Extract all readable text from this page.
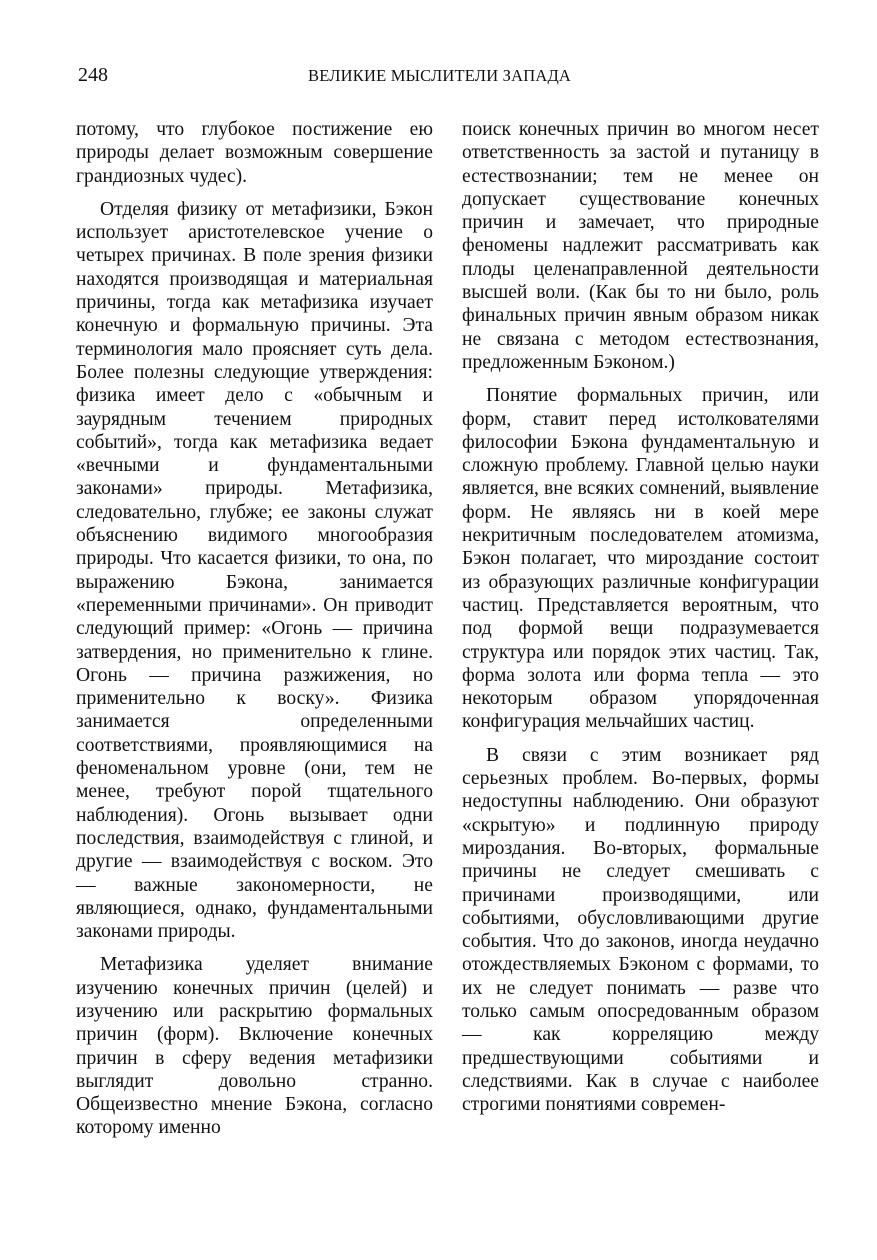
248	ВЕЛИКИЕ МЫСЛИТЕЛИ ЗАПАДА

потому, что глубокое постижение ею природы делает возможным совершение грандиозных чудес).

Отделяя физику от метафизики, Бэкон использует аристотелевское учение о четырех причинах. В поле зрения физики находятся производящая и материальная причины, тогда как метафизика изучает конечную и формальную причины. Эта терминология мало проясняет суть дела. Более полезны следующие утверждения: физика имеет дело с «обычным и заурядным течением природных событий», тогда как метафизика ведает «вечными и фундаментальными законами» природы. Метафизика, следовательно, глубже; ее законы служат объяснению видимого многообразия природы. Что касается физики, то она, по выражению Бэкона, занимается «переменными причинами». Он приводит следующий пример: «Огонь — причина затвердения, но применительно к глине. Огонь — причина разжижения, но применительно к воску». Физика занимается определенными соответствиями, проявляющимися на феноменальном уровне (они, тем не менее, требуют порой тщательного наблюдения). Огонь вызывает одни последствия, взаимодействуя с глиной, и другие — взаимодействуя с воском. Это — важные закономерности, не являющиеся, однако, фундаментальными законами природы.

Метафизика уделяет внимание изучению конечных причин (целей) и изучению или раскрытию формальных причин (форм). Включение конечных причин в сферу ведения метафизики выглядит довольно странно. Общеизвестно мнение Бэкона, согласно которому именно

поиск конечных причин во многом несет ответственность за застой и путаницу в естествознании; тем не менее он допускает существование конечных причин и замечает, что природные феномены надлежит рассматривать как плоды целенаправленной деятельности высшей воли. (Как бы то ни было, роль финальных причин явным образом никак не связана с методом естествознания, предложенным Бэконом.)

Понятие формальных причин, или форм, ставит перед истолкователями философии Бэкона фундаментальную и сложную проблему. Главной целью науки является, вне всяких сомнений, выявление форм. Не являясь ни в коей мере некритичным последователем атомизма, Бэкон полагает, что мироздание состоит из образующих различные конфигурации частиц. Представляется вероятным, что под формой вещи подразумевается структура или порядок этих частиц. Так, форма золота или форма тепла — это некоторым образом упорядоченная конфигурация мельчайших частиц.

В связи с этим возникает ряд серьезных проблем. Во-первых, формы недоступны наблюдению. Они образуют «скрытую» и подлинную природу мироздания. Во-вторых, формальные причины не следует смешивать с причинами производящими, или событиями, обусловливающими другие события. Что до законов, иногда неудачно отождествляемых Бэконом с формами, то их не следует понимать — разве что только самым опосредованным образом — как корреляцию между предшествующими событиями и следствиями. Как в случае с наиболее строгими понятиями современ-
